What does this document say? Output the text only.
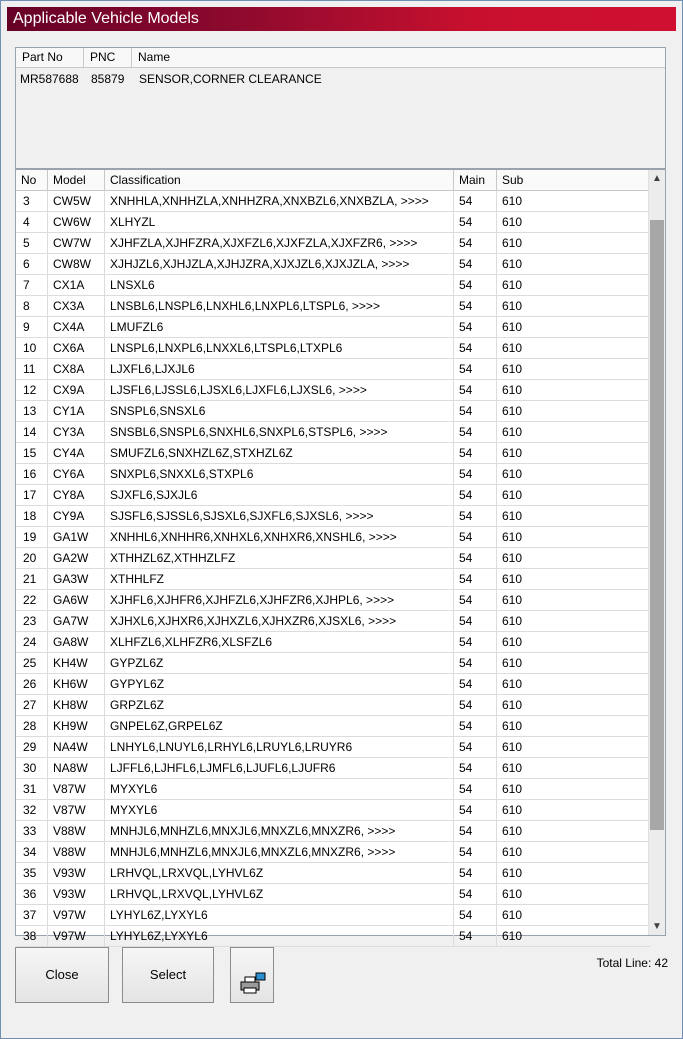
Applicable Vehicle Models
Part No	PNC	Name
MR587688 85879 SENSOR,CORNER CLEARANCE
No	Model	Classification	Main	Sub
3	CW5W	XNHHLA,XNHHZLA,XNHHZRA,XNXBZL6,XNXBZLA, >>>>	54	610
4	CW6W	XLHYZL	54	610
5	CW7W	XJHFZLA,XJHFZRA,XJXFZL6,XJXFZLA,XJXFZR6, >>>>	54	610
6	CW8W	XJHJZL6,XJHJZLA,XJHJZRA,XJXJZL6,XJXJZLA, >>>>	54	610
7	CX1A	LNSXL6	54	610
8	CX3A	LNSBL6,LNSPL6,LNXHL6,LNXPL6,LTSPL6, >>>>	54	610
9	CX4A	LMUFZL6	54	610
10	CX6A	LNSPL6,LNXPL6,LNXXL6,LTSPL6,LTXPL6	54	610
11	CX8A	LJXFL6,LJXJL6	54	610
12	CX9A	LJSFL6,LJSSL6,LJSXL6,LJXFL6,LJXSL6, >>>>	54	610
13	CY1A	SNSPL6,SNSXL6	54	610
14	CY3A	SNSBL6,SNSPL6,SNXHL6,SNXPL6,STSPL6, >>>>	54	610
15	CY4A	SMUFZL6,SNXHZL6Z,STXHZL6Z	54	610
16	CY6A	SNXPL6,SNXXL6,STXPL6	54	610
17	CY8A	SJXFL6,SJXJL6	54	610
18	CY9A	SJSFL6,SJSSL6,SJSXL6,SJXFL6,SJXSL6, >>>>	54	610
19	GA1W	XNHHL6,XNHHR6,XNHXL6,XNHXR6,XNSHL6, >>>>	54	610
20	GA2W	XTHHZL6Z,XTHHZLFZ	54	610
21	GA3W	XTHHLFZ	54	610
22	GA6W	XJHFL6,XJHFR6,XJHFZL6,XJHFZR6,XJHPL6, >>>>	54	610
23	GA7W	XJHXL6,XJHXR6,XJHXZL6,XJHXZR6,XJSXL6, >>>>	54	610
24	GA8W	XLHFZL6,XLHFZR6,XLSFZL6	54	610
25	KH4W	GYPZL6Z	54	610
26	KH6W	GYPYL6Z	54	610
27	KH8W	GRPZL6Z	54	610
28	KH9W	GNPEL6Z,GRPEL6Z	54	610
29	NA4W	LNHYL6,LNUYL6,LRHYL6,LRUYL6,LRUYR6	54	610
30	NA8W	LJFFL6,LJHFL6,LJMFL6,LJUFL6,LJUFR6	54	610
31	V87W	MYXYL6	54	610
32	V87W	MYXYL6	54	610
33	V88W	MNHJL6,MNHZL6,MNXJL6,MNXZL6,MNXZR6, >>>>	54	610
34	V88W	MNHJL6,MNHZL6,MNXJL6,MNXZL6,MNXZR6, >>>>	54	610
35	V93W	LRHVQL,LRXVQL,LYHVL6Z	54	610
36	V93W	LRHVQL,LRXVQL,LYHVL6Z	54	610
37	V97W	LYHYL6Z,LYXYL6	54	610
38	V97W	LYHYL6Z,LYXYL6	54	610
▲
▼
Close	Select
Total Line: 42
